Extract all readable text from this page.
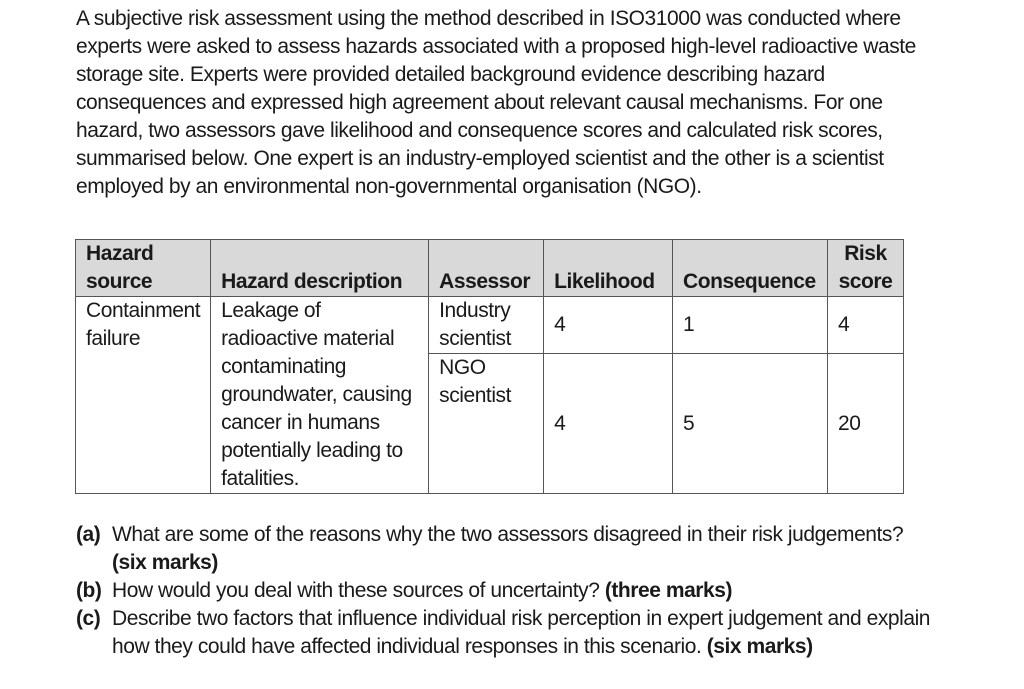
A subjective risk assessment using the method described in ISO31000 was conducted where experts were asked to assess hazards associated with a proposed high-level radioactive waste storage site. Experts were provided detailed background evidence describing hazard consequences and expressed high agreement about relevant causal mechanisms. For one hazard, two assessors gave likelihood and consequence scores and calculated risk scores, summarised below. One expert is an industry-employed scientist and the other is a scientist employed by an environmental non-governmental organisation (NGO).

Hazard source	Hazard description	Assessor	Likelihood	Consequence	Risk score
Containment failure	Leakage of radioactive material contaminating groundwater, causing cancer in humans potentially leading to fatalities.	Industry scientist	4	1	4
		NGO scientist	4	5	20
(a) What are some of the reasons why the two assessors disagreed in their risk judgements? (six marks)
(b) How would you deal with these sources of uncertainty? (three marks)
(c) Describe two factors that influence individual risk perception in expert judgement and explain how they could have affected individual responses in this scenario. (six marks)
